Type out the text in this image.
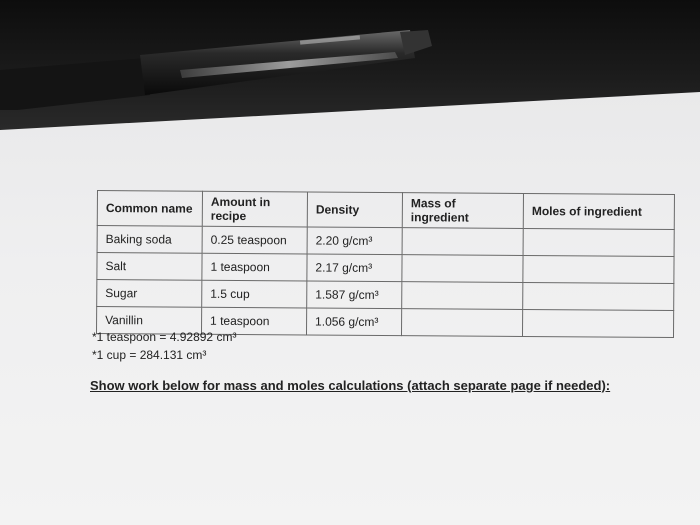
Common name	Amount in recipe	Density	Mass of ingredient	Moles of ingredient
Baking soda	0.25 teaspoon	2.20 g/cm³		
Salt	1 teaspoon	2.17 g/cm³		
Sugar	1.5 cup	1.587 g/cm³		
Vanillin	1 teaspoon	1.056 g/cm³		
*1 teaspoon = 4.92892 cm³
*1 cup = 284.131 cm³
Show work below for mass and moles calculations (attach separate page if needed):
